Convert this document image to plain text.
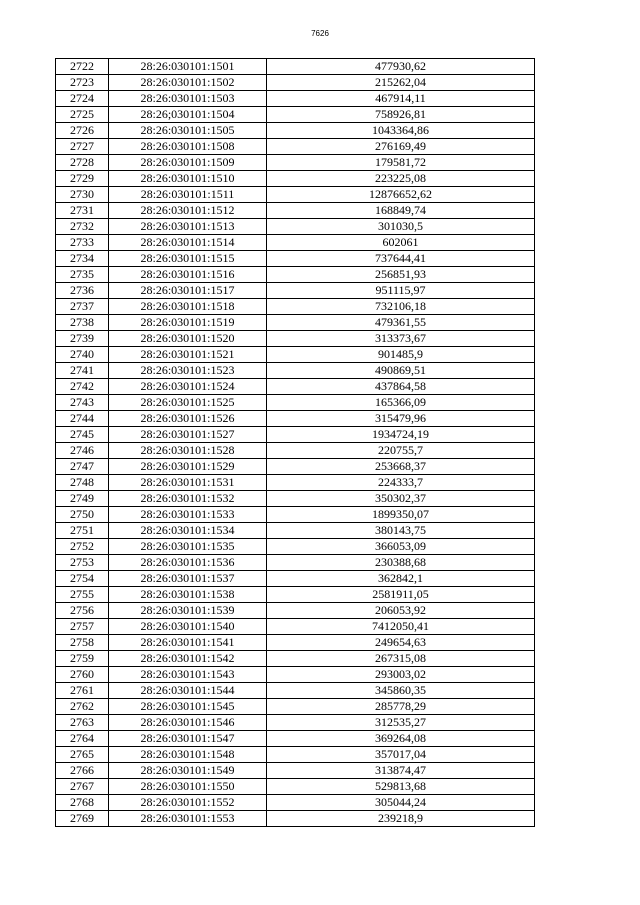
7626
2722	28:26:030101:1501	477930,62
2723	28:26:030101:1502	215262,04
2724	28:26:030101:1503	467914,11
2725	28:26;030101:1504	758926,81
2726	28:26:030101:1505	1043364,86
2727	28:26:030101:1508	276169,49
2728	28:26:030101:1509	179581,72
2729	28:26:030101:1510	223225,08
2730	28:26:030101:1511	12876652,62
2731	28:26:030101:1512	168849,74
2732	28:26:030101:1513	301030,5
2733	28:26:030101:1514	602061
2734	28:26:030101:1515	737644,41
2735	28:26:030101:1516	256851,93
2736	28:26:030101:1517	951115,97
2737	28:26:030101:1518	732106,18
2738	28:26:030101:1519	479361,55
2739	28:26:030101:1520	313373,67
2740	28:26:030101:1521	901485,9
2741	28:26:030101:1523	490869,51
2742	28:26:030101:1524	437864,58
2743	28:26:030101:1525	165366,09
2744	28:26:030101:1526	315479,96
2745	28:26:030101:1527	1934724,19
2746	28:26:030101:1528	220755,7
2747	28:26:030101:1529	253668,37
2748	28:26:030101:1531	224333,7
2749	28:26:030101:1532	350302,37
2750	28:26:030101:1533	1899350,07
2751	28:26:030101:1534	380143,75
2752	28:26:030101:1535	366053,09
2753	28:26:030101:1536	230388,68
2754	28:26:030101:1537	362842,1
2755	28:26:030101:1538	2581911,05
2756	28:26:030101:1539	206053,92
2757	28:26:030101:1540	7412050,41
2758	28:26:030101:1541	249654,63
2759	28:26:030101:1542	267315,08
2760	28:26:030101:1543	293003,02
2761	28:26:030101:1544	345860,35
2762	28:26:030101:1545	285778,29
2763	28:26:030101:1546	312535,27
2764	28:26:030101:1547	369264,08
2765	28:26:030101:1548	357017,04
2766	28:26:030101:1549	313874,47
2767	28:26:030101:1550	529813,68
2768	28:26:030101:1552	305044,24
2769	28:26:030101:1553	239218,9
